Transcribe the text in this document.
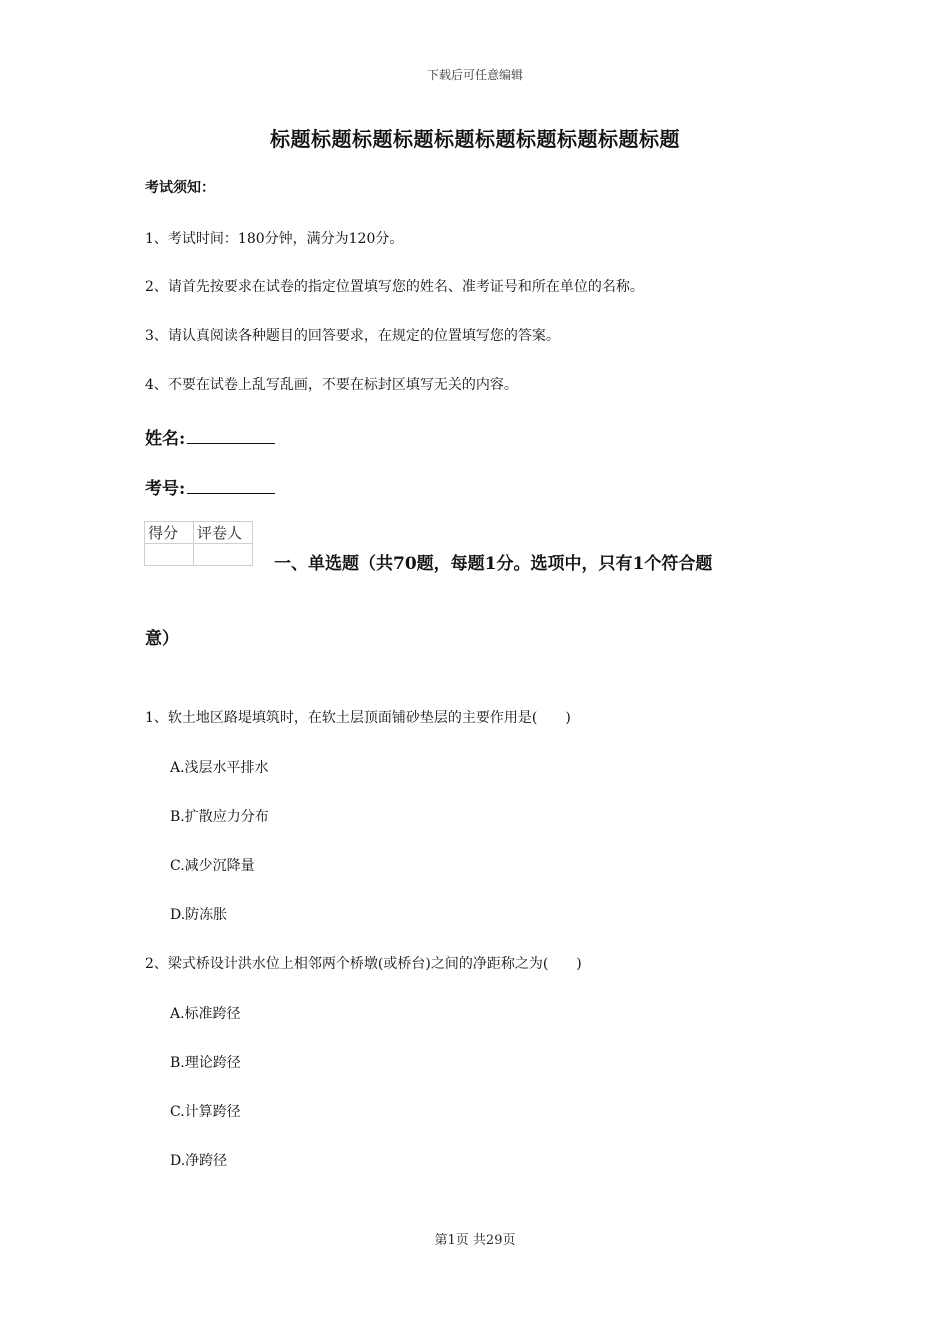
下载后可任意编辑
标题标题标题标题标题标题标题标题标题标题
考试须知：
1、考试时间：180分钟，满分为120分。
2、请首先按要求在试卷的指定位置填写您的姓名、准考证号和所在单位的名称。
3、请认真阅读各种题目的回答要求，在规定的位置填写您的答案。
4、不要在试卷上乱写乱画，不要在标封区填写无关的内容。
姓名:
考号:
得分	评卷人

一、单选题（共70题，每题1分。选项中，只有1个符合题
意）
1、软土地区路堤填筑时，在软土层顶面铺砂垫层的主要作用是(　　)
A.浅层水平排水
B.扩散应力分布
C.减少沉降量
D.防冻胀
2、梁式桥设计洪水位上相邻两个桥墩(或桥台)之间的净距称之为(　　)
A.标准跨径
B.理论跨径
C.计算跨径
D.净跨径
第1页 共29页
